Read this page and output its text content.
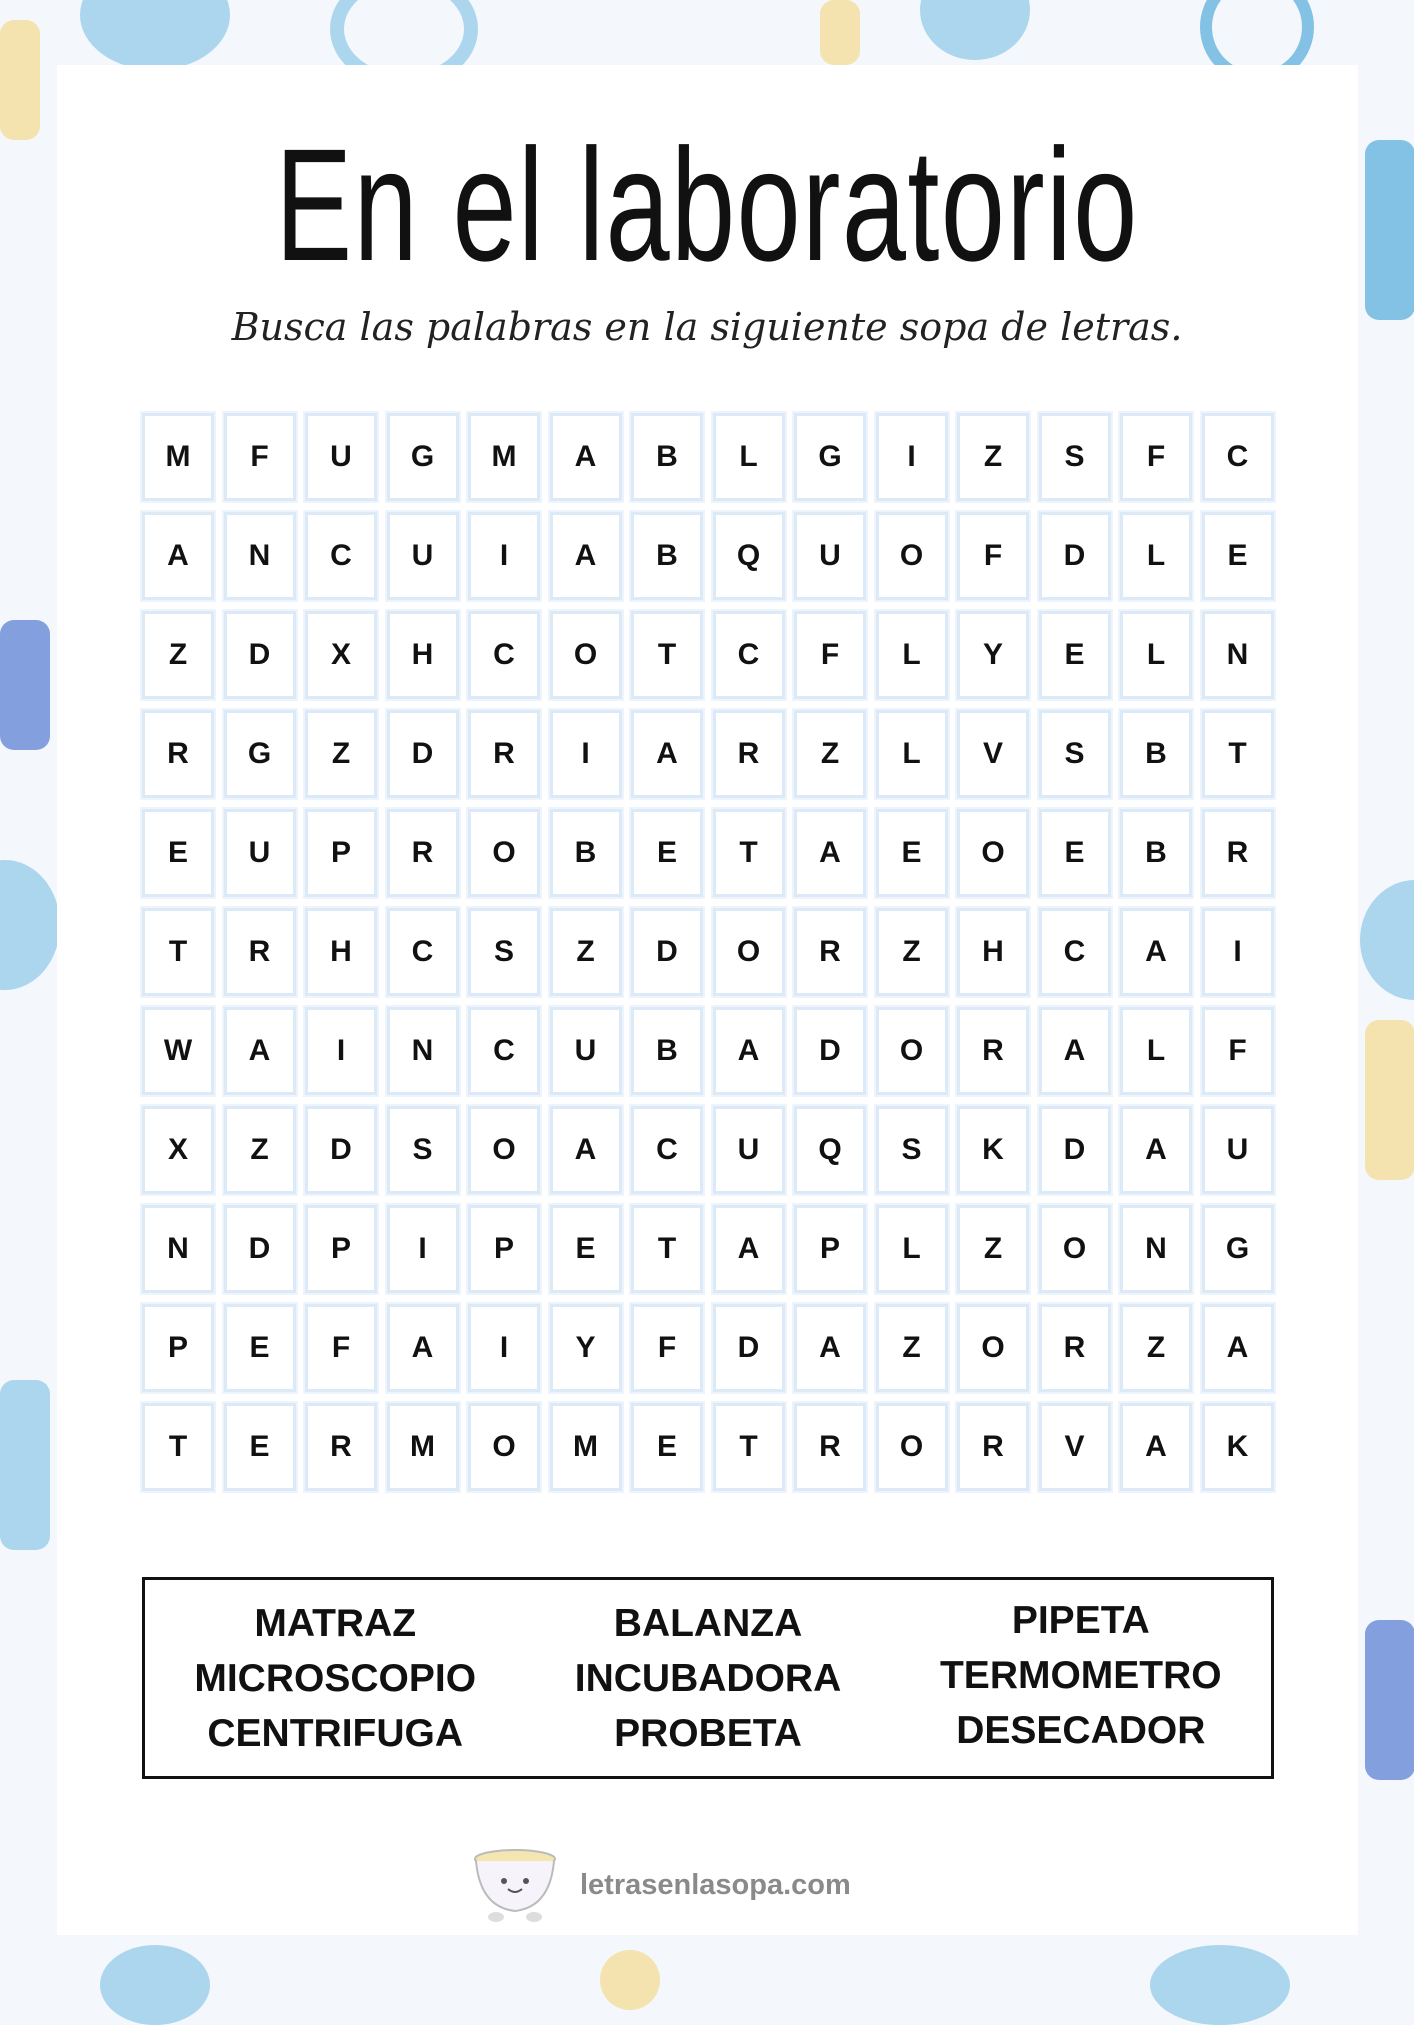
En el laboratorio
Busca las palabras en la siguiente sopa de letras.
M	F	U	G	M	A	B	L	G	I	Z	S	F	C
A	N	C	U	I	A	B	Q	U	O	F	D	L	E
Z	D	X	H	C	O	T	C	F	L	Y	E	L	N
R	G	Z	D	R	I	A	R	Z	L	V	S	B	T
E	U	P	R	O	B	E	T	A	E	O	E	B	R
T	R	H	C	S	Z	D	O	R	Z	H	C	A	I
W	A	I	N	C	U	B	A	D	O	R	A	L	F
X	Z	D	S	O	A	C	U	Q	S	K	D	A	U
N	D	P	I	P	E	T	A	P	L	Z	O	N	G
P	E	F	A	I	Y	F	D	A	Z	O	R	Z	A
T	E	R	M	O	M	E	T	R	O	R	V	A	K
MATRAZ
MICROSCOPIO
CENTRIFUGA
BALANZA
INCUBADORA
PROBETA
PIPETA
TERMOMETRO
DESECADOR
letrasenlasopa.com
